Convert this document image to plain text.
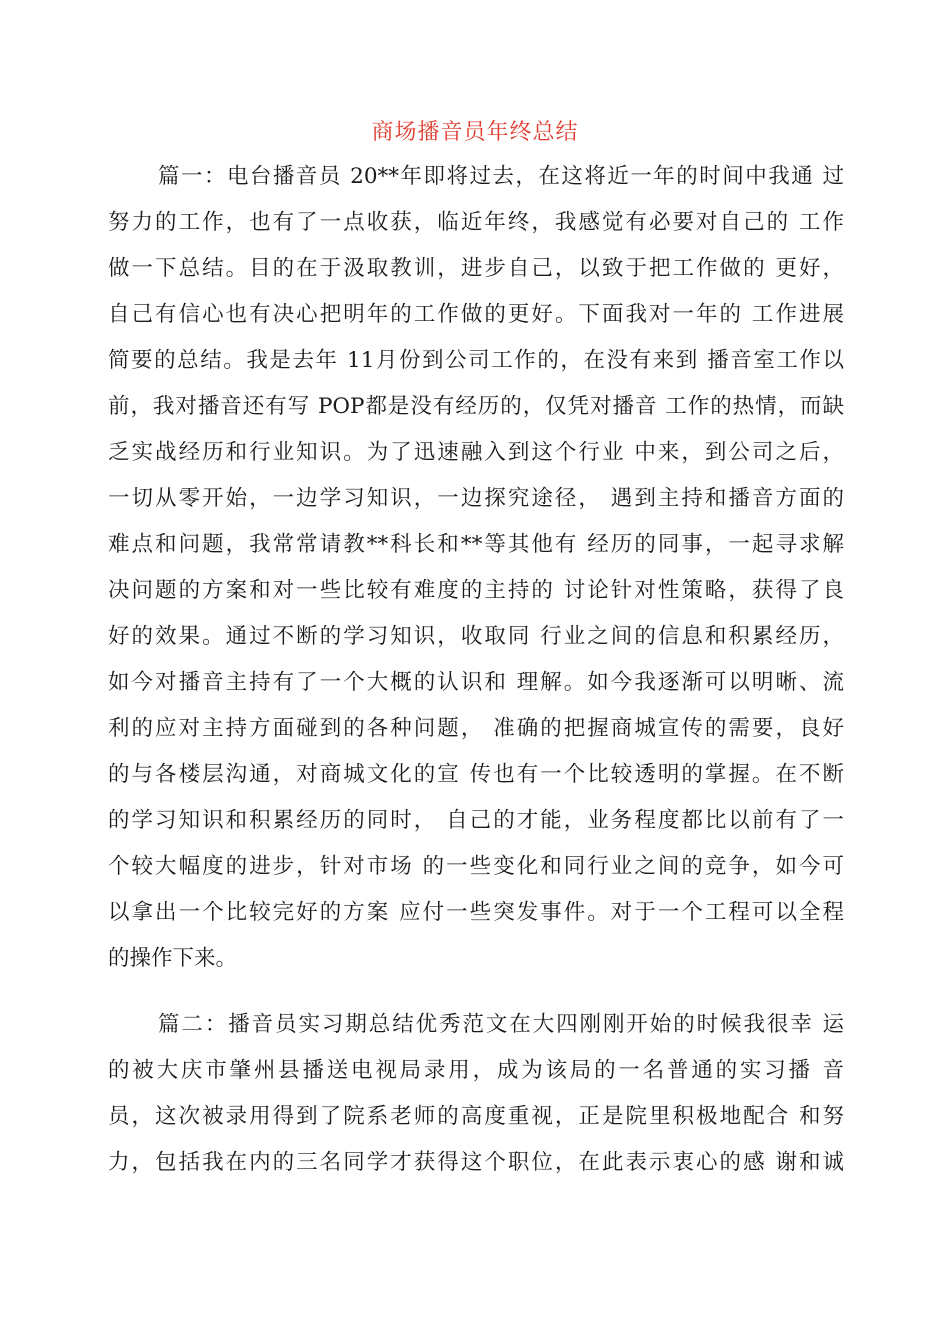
商场播音员年终总结
篇一：电台播音员 20**年即将过去，在这将近一年的时间中我通 过
努力的工作，也有了一点收获，临近年终，我感觉有必要对自己的 工作
做一下总结。目的在于汲取教训，进步自己，以致于把工作做的 更好，
自己有信心也有决心把明年的工作做的更好。下面我对一年的 工作进展
简要的总结。我是去年 11月份到公司工作的，在没有来到 播音室工作以
前，我对播音还有写 POP都是没有经历的，仅凭对播音 工作的热情，而缺
乏实战经历和行业知识。为了迅速融入到这个行业 中来，到公司之后，
一切从零开始，一边学习知识，一边探究途径， 遇到主持和播音方面的
难点和问题，我常常请教**科长和**等其他有 经历的同事，一起寻求解
决问题的方案和对一些比较有难度的主持的 讨论针对性策略，获得了良
好的效果。通过不断的学习知识，收取同 行业之间的信息和积累经历，
如今对播音主持有了一个大概的认识和 理解。如今我逐渐可以明晰、流
利的应对主持方面碰到的各种问题， 准确的把握商城宣传的需要，良好
的与各楼层沟通，对商城文化的宣 传也有一个比较透明的掌握。在不断
的学习知识和积累经历的同时， 自己的才能，业务程度都比以前有了一
个较大幅度的进步，针对市场 的一些变化和同行业之间的竞争，如今可
以拿出一个比较完好的方案 应付一些突发事件。对于一个工程可以全程
的操作下来。
篇二：播音员实习期总结优秀范文在大四刚刚开始的时候我很幸 运
的被大庆市肇州县播送电视局录用，成为该局的一名普通的实习播 音
员，这次被录用得到了院系老师的高度重视，正是院里积极地配合 和努
力，包括我在内的三名同学才获得这个职位，在此表示衷心的感 谢和诚
